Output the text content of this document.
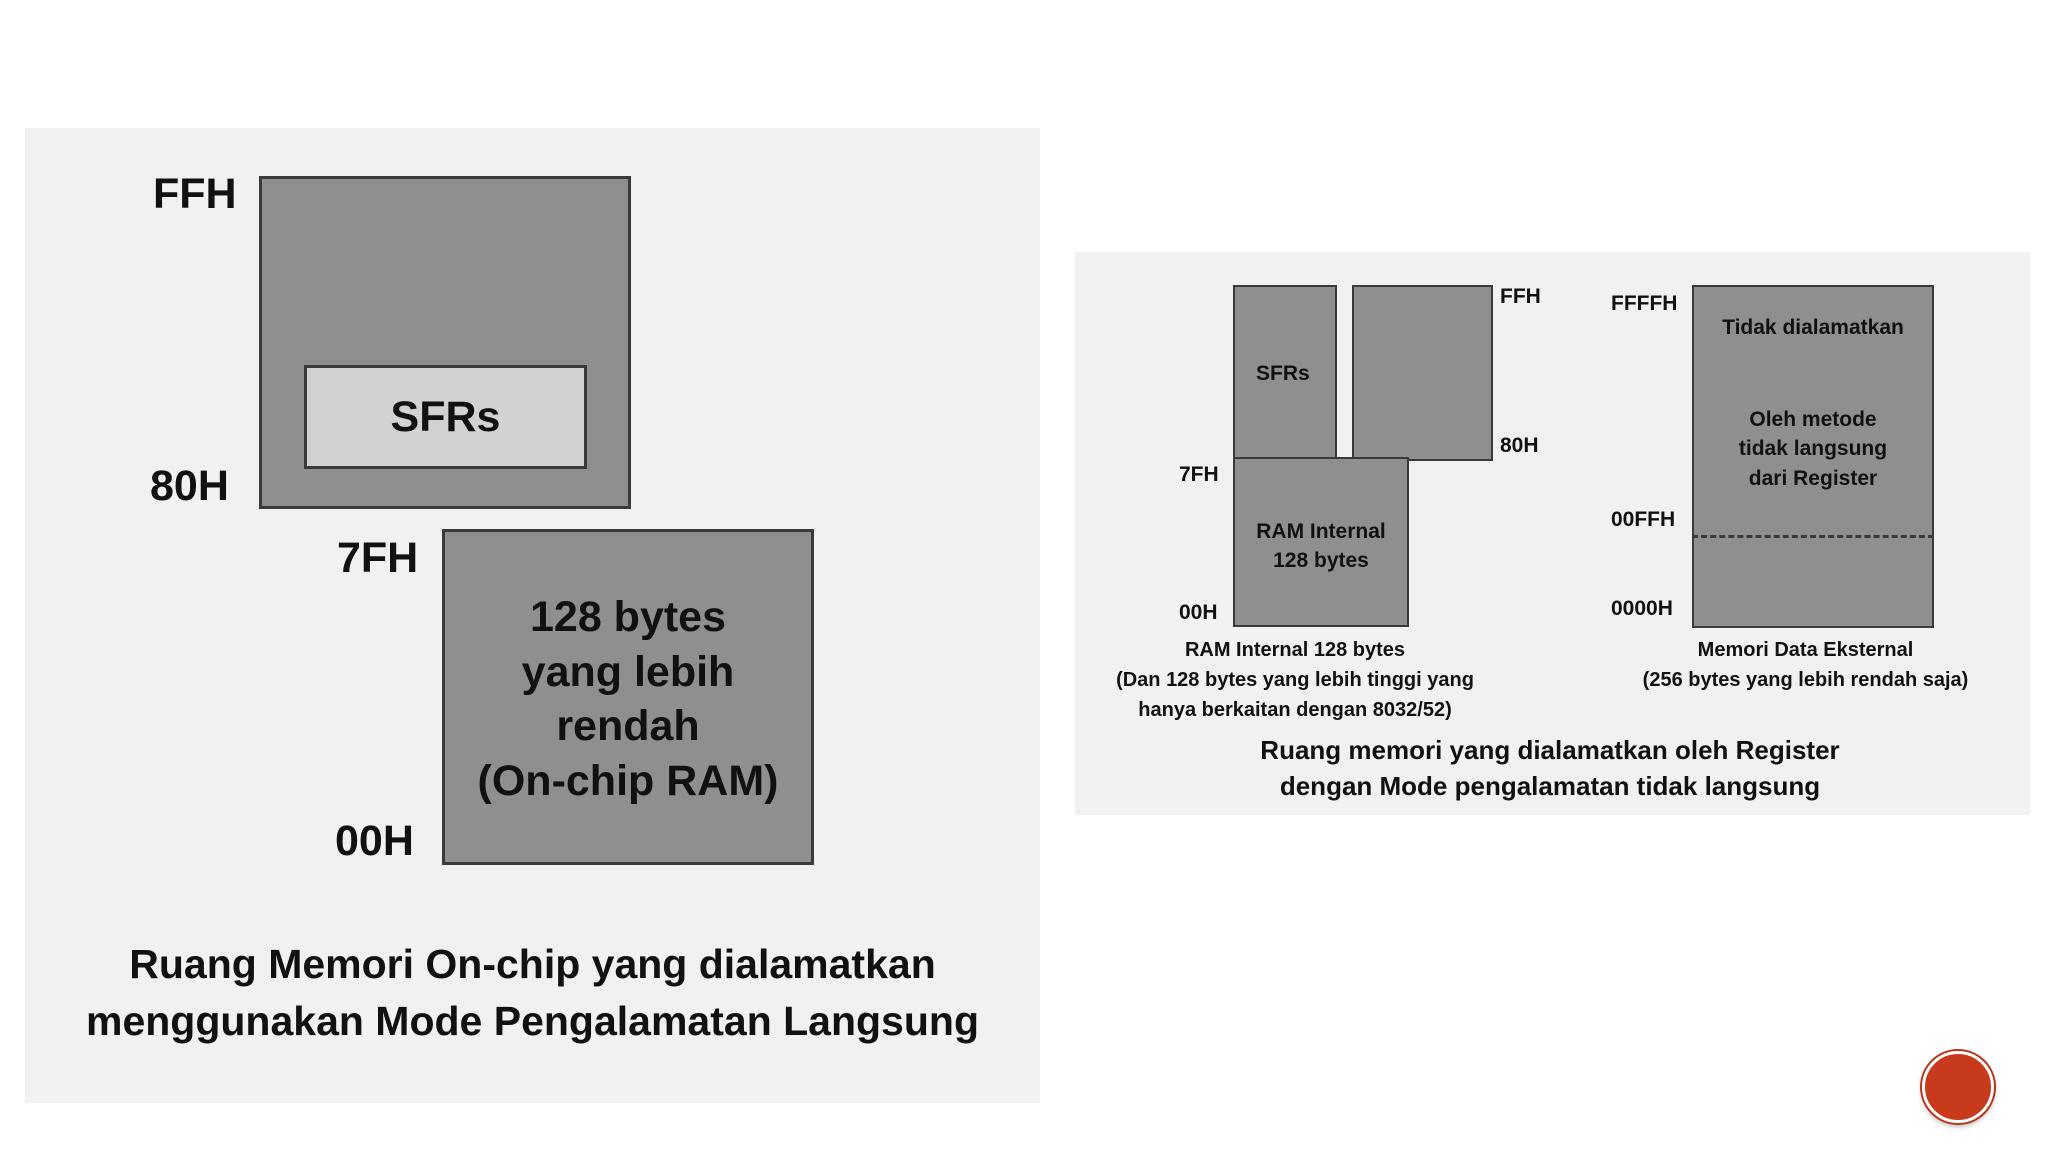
FFH
80H
7FH
00H
SFRs
128 bytes
yang lebih
rendah
(On-chip RAM)
Ruang Memori On-chip yang dialamatkan
menggunakan Mode Pengalamatan Langsung
SFRs
RAM Internal
128 bytes
FFH
80H
7FH
00H
RAM Internal 128 bytes
(Dan 128 bytes yang lebih tinggi yang
hanya berkaitan dengan 8032/52)
Tidak dialamatkan
Oleh metode
tidak langsung
dari Register
FFFFH
00FFH
0000H
Memori Data Eksternal
(256 bytes yang lebih rendah saja)
Ruang memori yang dialamatkan oleh Register
dengan Mode pengalamatan tidak langsung
